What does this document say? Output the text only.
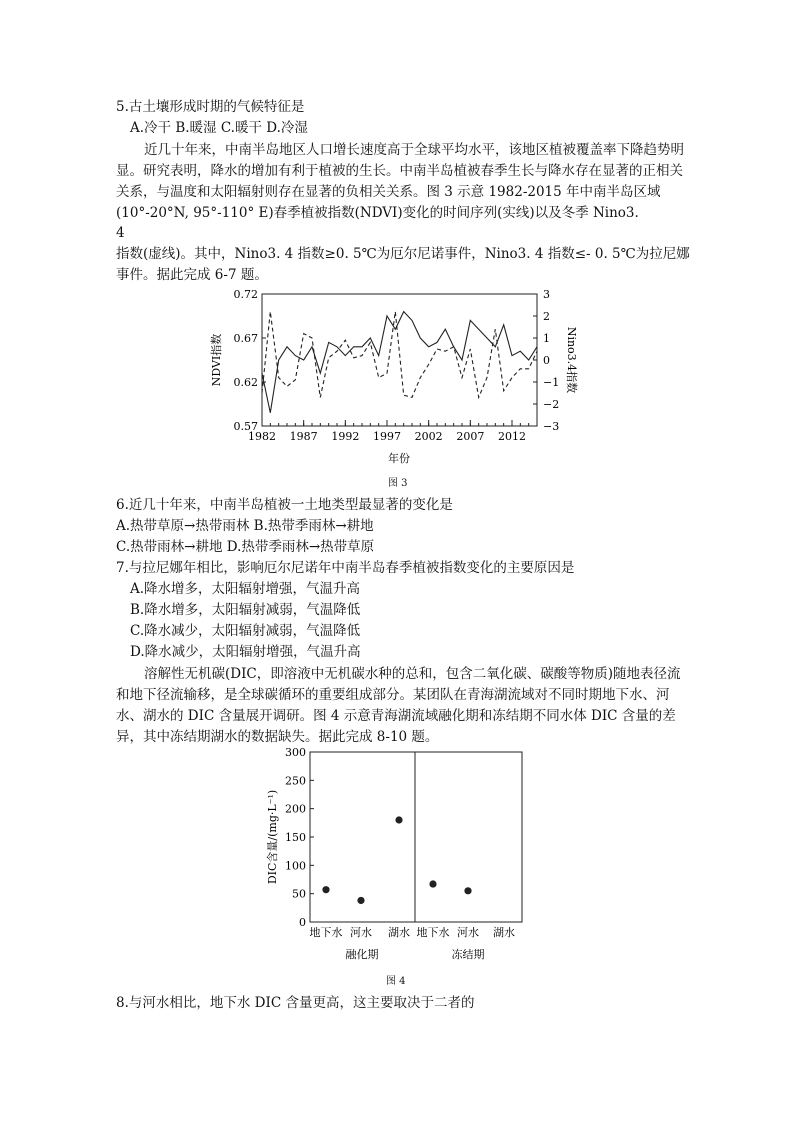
5.古土壤形成时期的气候特征是
A.冷干 B.暖湿 C.暖干 D.冷湿
近几十年来，中南半岛地区人口增长速度高于全球平均水平，该地区植被覆盖率下降趋势明显。研究表明，降水的增加有利于植被的生长。中南半岛植被春季生长与降水存在显著的正相关关系，与温度和太阳辐射则存在显著的负相关关系。图 3 示意 1982-2015 年中南半岛区域(10°-20°N, 95°-110° E)春季植被指数(NDVI)变化的时间序列(实线)以及冬季 Nino3.
4
指数(虚线)。其中，Nino3. 4 指数≥0. 5℃为厄尔尼诺事件，Nino3. 4 指数≤- 0. 5℃为拉尼娜
事件。据此完成 6-7 题。
0.57
0.62
0.67
0.72	3
2
1
0
−1
−2
−3
1982 1987 1992 1997 2002 2007 2012
NDVI指数	Nino3.4指数
年份
图 3
6.近几十年来，中南半岛植被一土地类型最显著的变化是
A.热带草原→热带雨林 B.热带季雨林→耕地
C.热带雨林→耕地 D.热带季雨林→热带草原
7.与拉尼娜年相比，影响厄尔尼诺年中南半岛春季植被指数变化的主要原因是
A.降水增多，太阳辐射增强，气温升高
B.降水增多，太阳辐射减弱，气温降低
C.降水减少，太阳辐射减弱，气温降低
D.降水减少，太阳辐射增强，气温升高
溶解性无机碳(DIC，即溶液中无机碳水种的总和，包含二氧化碳、碳酸等物质)随地表径流和地下径流输移，是全球碳循环的重要组成部分。某团队在青海湖流域对不同时期地下水、河水、湖水的 DIC 含量展开调研。图 4 示意青海湖流域融化期和冻结期不同水体 DIC 含量的差异，其中冻结期湖水的数据缺失。据此完成 8-10 题。
0
50
100
150
200
250
300
地下水 河水 湖水 地下水 河水 湖水
DIC含量/(mg·L⁻¹)
融化期	冻结期
图 4
8.与河水相比，地下水 DIC 含量更高，这主要取决于二者的
